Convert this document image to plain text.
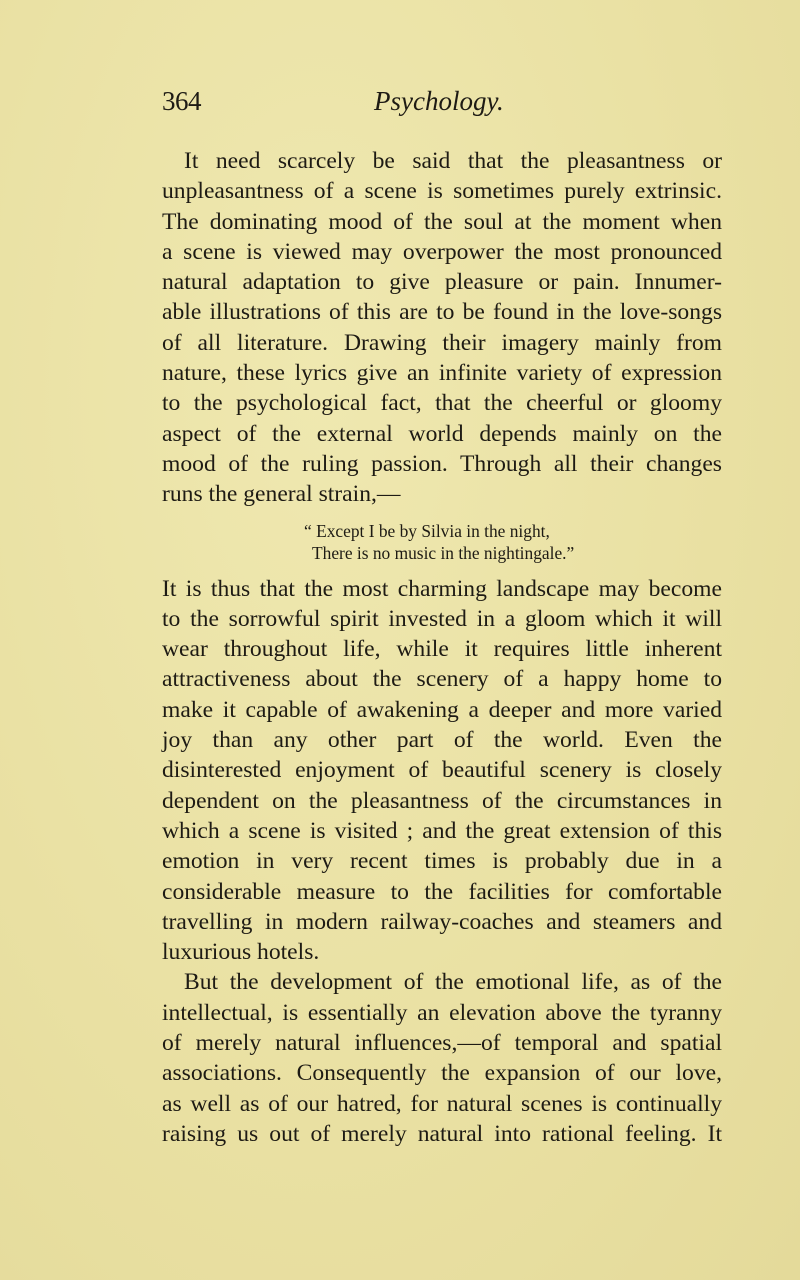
364	Psychology.
It need scarcely be said that the pleasantness or
unpleasantness of a scene is sometimes purely extrinsic.
The dominating mood of the soul at the moment when
a scene is viewed may overpower the most pronounced
natural adaptation to give pleasure or pain. Innumer-
able illustrations of this are to be found in the love-songs
of all literature. Drawing their imagery mainly from
nature, these lyrics give an infinite variety of expression
to the psychological fact, that the cheerful or gloomy
aspect of the external world depends mainly on the
mood of the ruling passion. Through all their changes
runs the general strain,—
“ Except I be by Silvia in the night,
There is no music in the nightingale.”
It is thus that the most charming landscape may become
to the sorrowful spirit invested in a gloom which it will
wear throughout life, while it requires little inherent
attractiveness about the scenery of a happy home to
make it capable of awakening a deeper and more varied
joy than any other part of the world. Even the
disinterested enjoyment of beautiful scenery is closely
dependent on the pleasantness of the circumstances in
which a scene is visited ; and the great extension of this
emotion in very recent times is probably due in a
considerable measure to the facilities for comfortable
travelling in modern railway-coaches and steamers and
luxurious hotels.
But the development of the emotional life, as of the
intellectual, is essentially an elevation above the tyranny
of merely natural influences,—of temporal and spatial
associations. Consequently the expansion of our love,
as well as of our hatred, for natural scenes is continually
raising us out of merely natural into rational feeling. It
